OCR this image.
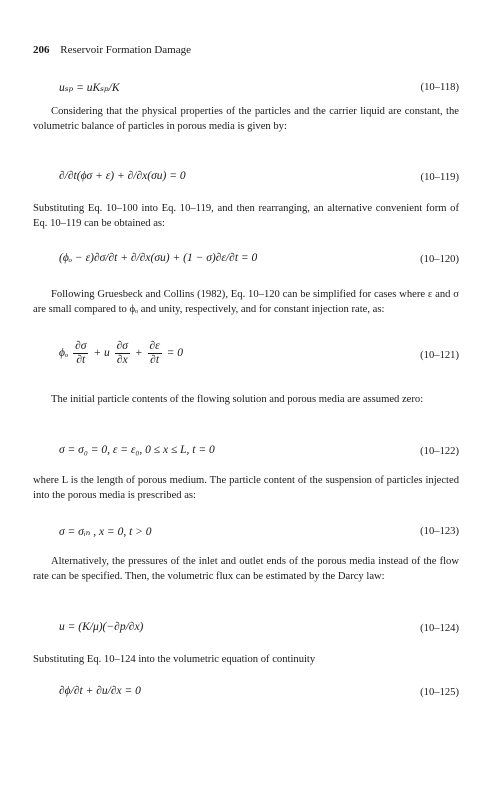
206 Reservoir Formation Damage
uₛₚ = uKₛₚ/K	(10–118)

Considering that the physical properties of the particles and the carrier liquid are constant, the volumetric balance of particles in porous media is given by:

∂/∂t(ϕσ + ε) + ∂/∂x(σu) = 0	(10–119)

Substituting Eq. 10–100 into Eq. 10–119, and then rearranging, an alternative convenient form of Eq. 10–119 can be obtained as:

(ϕₒ − ε)∂σ/∂t + ∂/∂x(σu) + (1 − σ)∂ε/∂t = 0	(10–120)

Following Gruesbeck and Collins (1982), Eq. 10–120 can be simplified for cases where ε and σ are small compared to ϕₒ and unity, respectively, and for constant injection rate, as:

ϕₒ $\frac{\partial\sigma}{\partial t} + u \frac{\partial\sigma}{\partial x} + \frac{\partial\varepsilon}{\partial t} = 0$	(10–121)

The initial particle contents of the flowing solution and porous media are assumed zero:

σ = σ₀ = 0, ε = ε₀, 0 ≤ x ≤ L, t = 0	(10–122)

where L is the length of porous medium. The particle content of the suspension of particles injected into the porous media is prescribed as:

σ = σᵢₙ , x = 0, t > 0	(10–123)

Alternatively, the pressures of the inlet and outlet ends of the porous media instead of the flow rate can be specified. Then, the volumetric flux can be estimated by the Darcy law:

u = (K/μ)(−∂p/∂x)	(10–124)

Substituting Eq. 10–124 into the volumetric equation of continuity

∂ϕ/∂t + ∂u/∂x = 0	(10–125)
